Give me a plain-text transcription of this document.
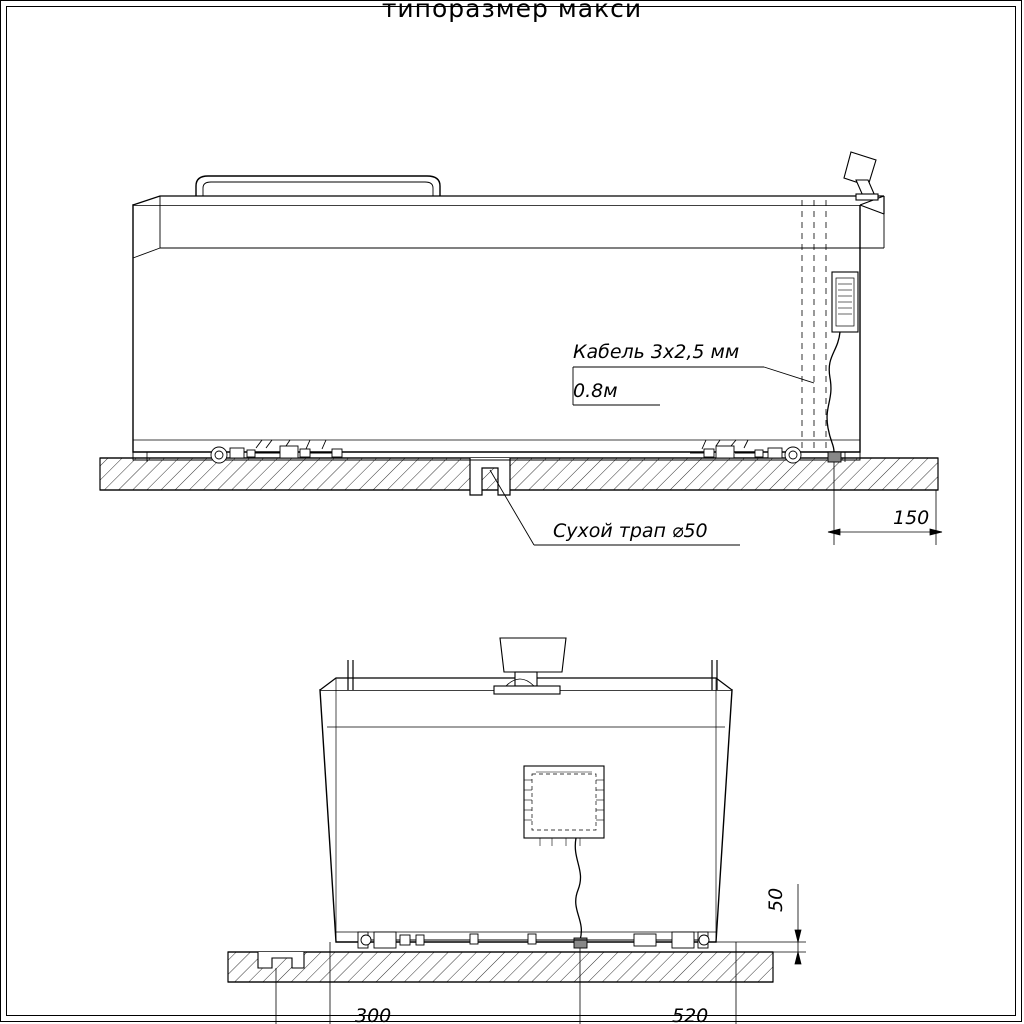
типоразмер макси
Кабель 3х2,5 мм
0.8м
Сухой трап ⌀50
150
50
300	520
